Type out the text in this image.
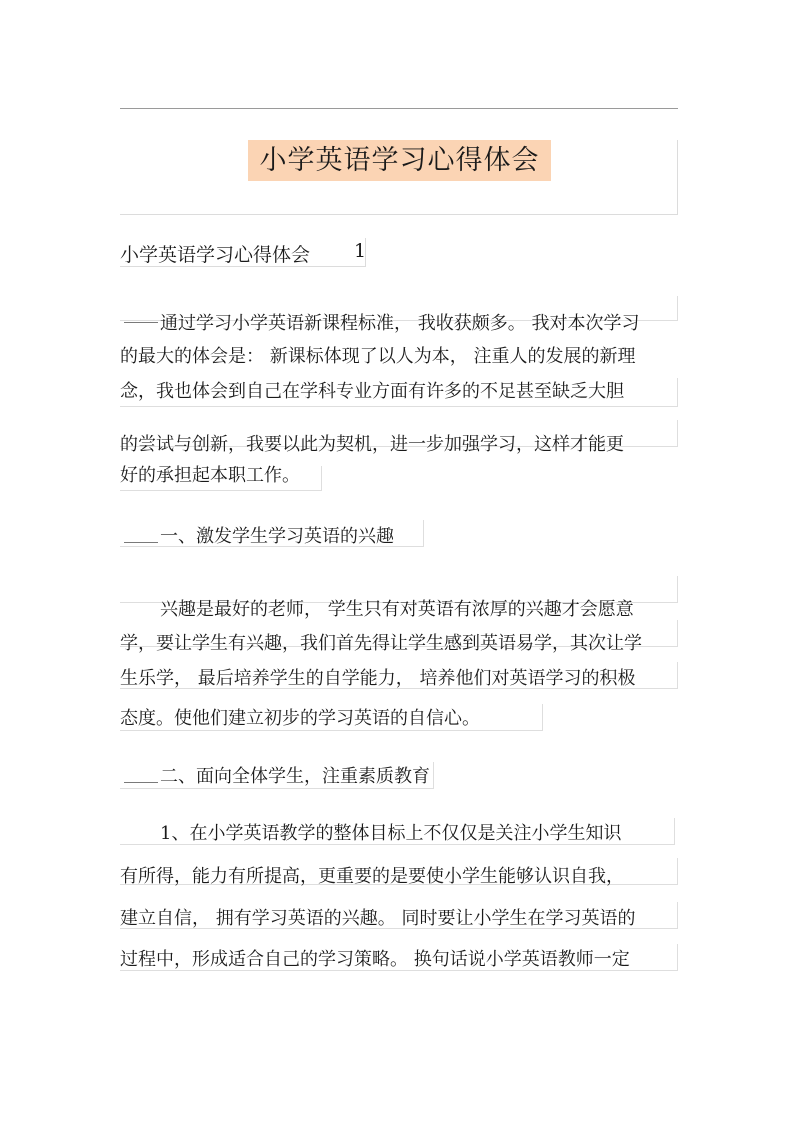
小学英语学习心得体会
小学英语学习心得体会 1
通过学习小学英语新课程标准， 我收获颇多。 我对本次学习
的最大的体会是： 新课标体现了以人为本， 注重人的发展的新理
念，我也体会到自己在学科专业方面有许多的不足甚至缺乏大胆
的尝试与创新，我要以此为契机，进一步加强学习，这样才能更
好的承担起本职工作。
一、激发学生学习英语的兴趣
兴趣是最好的老师， 学生只有对英语有浓厚的兴趣才会愿意
学，要让学生有兴趣，我们首先得让学生感到英语易学，其次让学
生乐学， 最后培养学生的自学能力， 培养他们对英语学习的积极
态度。使他们建立初步的学习英语的自信心。
二、面向全体学生，注重素质教育
1、在小学英语教学的整体目标上不仅仅是关注小学生知识
有所得，能力有所提高，更重要的是要使小学生能够认识自我，
建立自信， 拥有学习英语的兴趣。 同时要让小学生在学习英语的
过程中，形成适合自己的学习策略。 换句话说小学英语教师一定
